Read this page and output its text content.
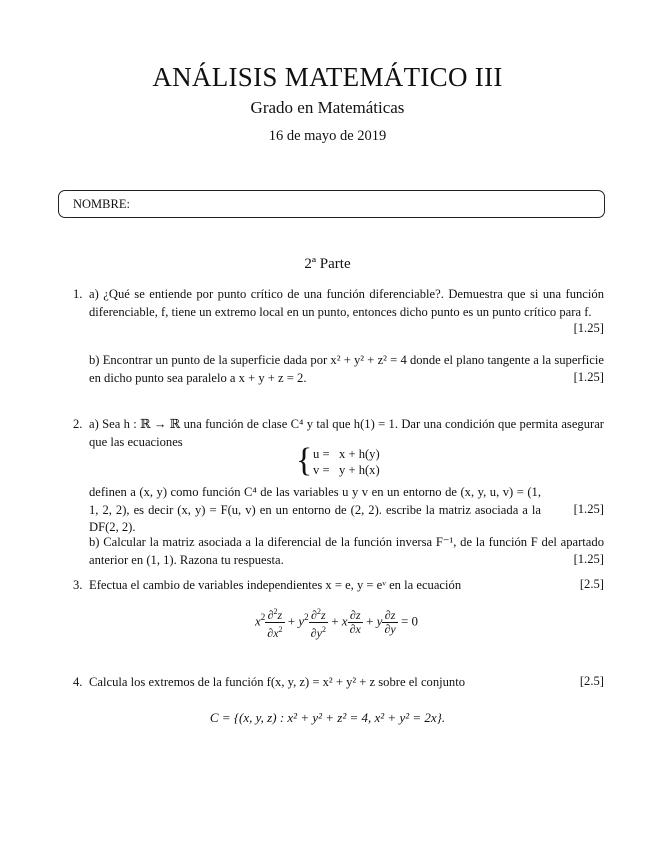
ANÁLISIS MATEMÁTICO III
Grado en Matemáticas
16 de mayo de 2019
NOMBRE:
2ª Parte
1. a) ¿Qué se entiende por punto crítico de una función diferenciable?. Demuestra que si una función diferenciable, f, tiene un extremo local en un punto, entonces dicho punto es un punto crítico para f.
[1.25]
b) Encontrar un punto de la superficie dada por x² + y² + z² = 4 donde el plano tangente a la superficie en dicho punto sea paralelo a x + y + z = 2.	[1.25]
2. a) Sea h : ℝ → ℝ una función de clase C⁴ y tal que h(1) = 1. Dar una condición que permita asegurar que las ecuaciones
{ u =   x + h(y)
v =   y + h(x)
definen a (x, y) como función C⁴ de las variables u y v en un entorno de (x, y, u, v) = (1, 1, 2, 2), es decir (x, y) = F(u, v) en un entorno de (2, 2). escribe la matriz asociada a la DF(2, 2).
[1.25]
b) Calcular la matriz asociada a la diferencial de la función inversa F⁻¹, de la función F del apartado anterior en (1, 1). Razona tu respuesta.	[1.25]
3. Efectua el cambio de variables independientes x = e, y = eᵛ en la ecuación	[2.5]
$x^2 \frac{\partial^2z}{\partial x^2} + y^2 \frac{\partial^2z}{\partial y^2} + x \frac{\partial z}{\partial x} + y \frac{\partial z}{\partial y} = 0$
4. Calcula los extremos de la función f(x, y, z) = x² + y² + z sobre el conjunto	[2.5]
C = {(x, y, z) : x² + y² + z² = 4, x² + y² = 2x}.
